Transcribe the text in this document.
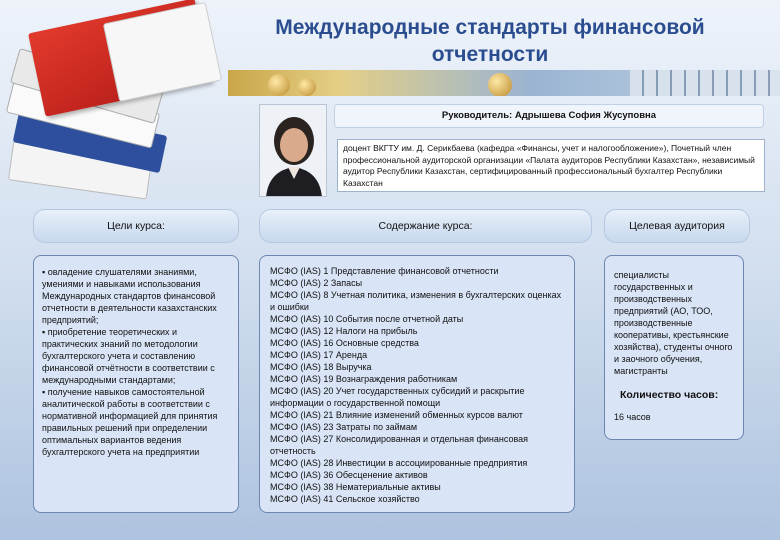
Международные стандарты финансовой отчетности
Руководитель: Адрышева София Жусуповна
доцент ВКГТУ им. Д. Серикбаева (кафедра «Финансы, учет и налогообложение»), Почетный член профессиональной аудиторской организации «Палата аудиторов Республики Казахстан», независимый аудитор Республики Казахстан, сертифицированный профессиональный бухгалтер Республики Казахстан
Цели курса:	Содержание курса:	Целевая аудитория
▪ овладение слушателями знаниями, умениями и навыками использования Международных стандартов финансовой отчетности в деятельности казахстанских предприятий;
▪ приобретение теоретических и практических знаний по методологии бухгалтерского учета и составлению финансовой отчётности в соответствии с международными стандартами;
▪ получение навыков самостоятельной аналитической работы в соответствии с нормативной информацией для принятия правильных решений при определении оптимальных вариантов ведения бухгалтерского учета на предприятии
МСФО (IAS) 1 Представление финансовой отчетности
МСФО (IAS) 2 Запасы
МСФО (IAS) 8 Учетная политика, изменения в бухгалтерских оценках и ошибки
МСФО (IAS) 10 События после отчетной даты
МСФО (IAS) 12 Налоги на прибыль
МСФО (IAS) 16 Основные средства
МСФО (IAS) 17 Аренда
МСФО (IAS) 18 Выручка
МСФО (IAS) 19 Вознаграждения работникам
МСФО (IAS) 20 Учет государственных субсидий и раскрытие информации о государственной помощи
МСФО (IAS) 21 Влияние изменений обменных курсов валют
МСФО (IAS) 23 Затраты по займам
МСФО (IAS) 27 Консолидированная и отдельная финансовая отчетность
МСФО (IAS) 28 Инвестиции в ассоциированные предприятия
МСФО (IAS) 36 Обесценение активов
МСФО (IAS) 38 Нематериальные активы
МСФО (IAS) 41 Сельское хозяйство
специалисты государственных и производственных предприятий (АО, ТОО, производственные кооперативы, крестьянские хозяйства), студенты очного и заочного обучения, магистранты
Количество часов:
16 часов
